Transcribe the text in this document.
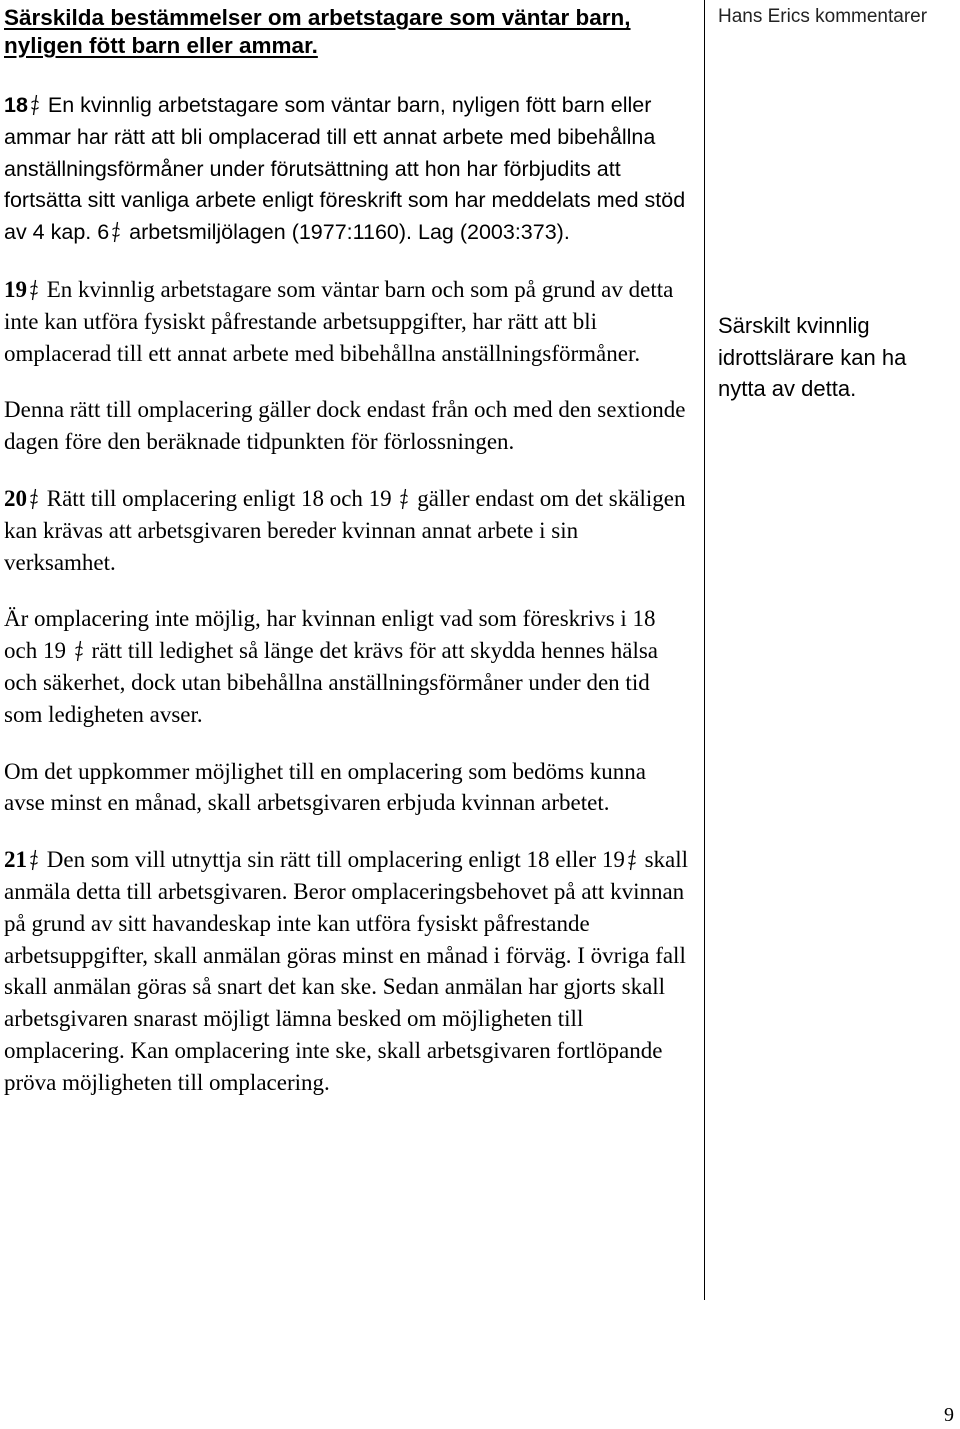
Särskilda bestämmelser om arbetstagare som väntar barn, nyligen fött barn eller ammar.

18 En kvinnlig arbetstagare som väntar barn, nyligen fött barn eller ammar har rätt att bli omplacerad till ett annat arbete med bibehållna anställningsförmåner under förutsättning att hon har förbjudits att fortsätta sitt vanliga arbete enligt föreskrift som har meddelats med stöd av 4 kap. 6 arbetsmiljölagen (1977:1160). Lag (2003:373).

19 En kvinnlig arbetstagare som väntar barn och som på grund av detta inte kan utföra fysiskt påfrestande arbetsuppgifter, har rätt att bli omplacerad till ett annat arbete med bibehållna anställningsförmåner.

Denna rätt till omplacering gäller dock endast från och med den sextionde dagen före den beräknade tidpunkten för förlossningen.

20 Rätt till omplacering enligt 18 och 19  gäller endast om det skäligen kan krävas att arbetsgivaren bereder kvinnan annat arbete i sin verksamhet.

Är omplacering inte möjlig, har kvinnan enligt vad som föreskrivs i 18 och 19  rätt till ledighet så länge det krävs för att skydda hennes hälsa och säkerhet, dock utan bibehållna anställningsförmåner under den tid som ledigheten avser.

Om det uppkommer möjlighet till en omplacering som bedöms kunna avse minst en månad, skall arbetsgivaren erbjuda kvinnan arbetet.

21 Den som vill utnyttja sin rätt till omplacering enligt 18 eller 19 skall anmäla detta till arbetsgivaren. Beror omplaceringsbehovet på att kvinnan på grund av sitt havandeskap inte kan utföra fysiskt påfrestande arbetsuppgifter, skall anmälan göras minst en månad i förväg. I övriga fall skall anmälan göras så snart det kan ske. Sedan anmälan har gjorts skall arbetsgivaren snarast möjligt lämna besked om möjligheten till omplacering. Kan omplacering inte ske, skall arbetsgivaren fortlöpande pröva möjligheten till omplacering.

Hans Erics kommentarer

Särskilt kvinnlig idrottslärare kan ha nytta av detta.

9
